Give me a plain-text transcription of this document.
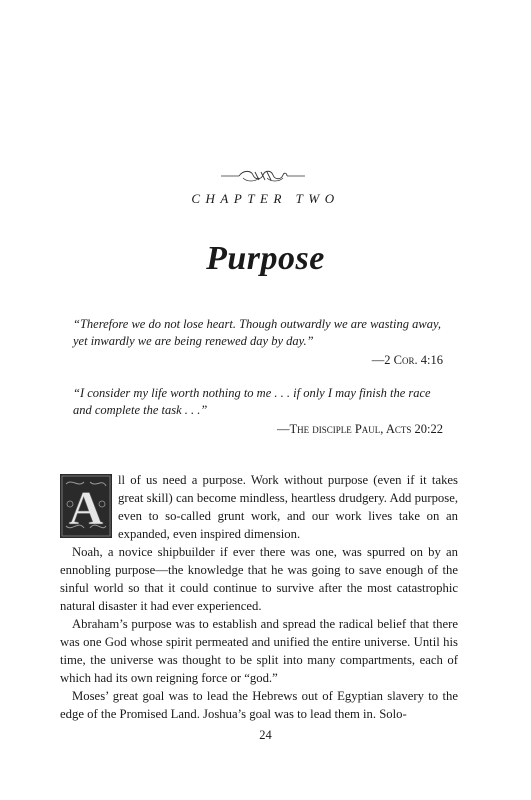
CHAPTER TWO
Purpose
“Therefore we do not lose heart. Though outwardly we are wasting away, yet inwardly we are being renewed day by day.”
—2 Cor. 4:16
“I consider my life worth nothing to me . . . if only I may finish the race and complete the task . . .”
—The disciple Paul, Acts 20:22
A

ll of us need a purpose. Work without purpose (even if it takes great skill) can become mindless, heartless drudgery. Add purpose, even to so-called grunt work, and our work lives take on an expanded, even inspired dimension.

Noah, a novice shipbuilder if ever there was one, was spurred on by an ennobling purpose—the knowledge that he was going to save enough of the sinful world so that it could continue to survive after the most catastrophic natural disaster it had ever experienced.

Abraham’s purpose was to establish and spread the radical belief that there was one God whose spirit permeated and unified the entire universe. Until his time, the universe was thought to be split into many compartments, each of which had its own reigning force or “god.”

Moses’ great goal was to lead the Hebrews out of Egyptian slavery to the edge of the Promised Land. Joshua’s goal was to lead them in. Solo-

24
